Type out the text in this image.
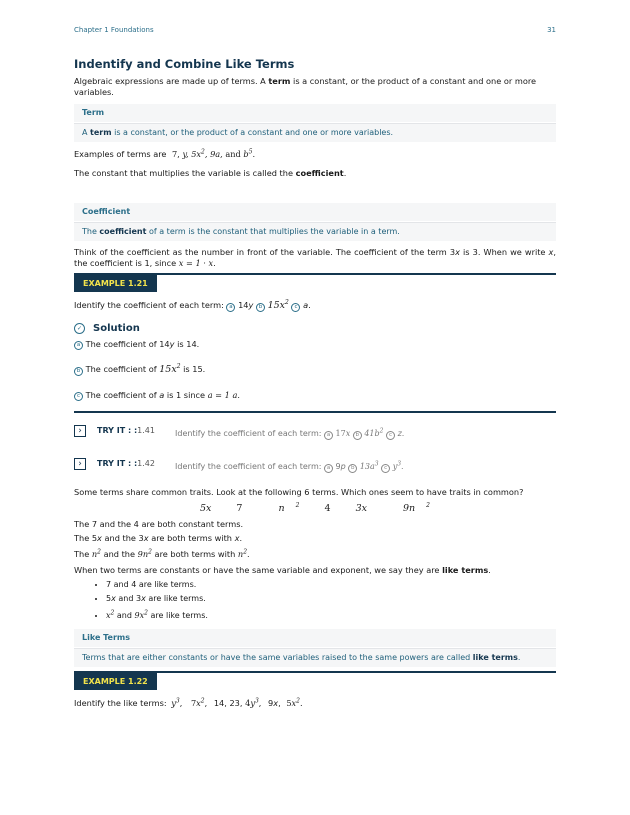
Chapter 1 Foundations	31
Indentify and Combine Like Terms

Algebraic expressions are made up of terms. A term is a constant, or the product of a constant and one or more variables.

Term
A term is a constant, or the product of a constant and one or more variables.

Examples of terms are 7, y, $5x^2$, 9a, and $b^5$.

The constant that multiplies the variable is called the coefficient.

Coefficient
The coefficient of a term is the constant that multiplies the variable in a term.

Think of the coefficient as the number in front of the variable. The coefficient of the term 3x is 3. When we write x, the coefficient is 1, since x = 1 · x.

EXAMPLE 1.21

Identify the coefficient of each term: a 14y b $15x^2$ c a.

✓ Solution

a The coefficient of 14y is 14.

b The coefficient of $15x^2$ is 15.

c The coefficient of a is 1 since a = 1 a.

›	TRY IT : :1.41	Identify the coefficient of each term: a 17x b $41b^2$ c z.
›	TRY IT : :1.42	Identify the coefficient of each term: a 9p b $13a^3$ c $y^3$.

Some terms share common traits. Look at the following 6 terms. Which ones seem to have traits in common?

5x	7	n $^2$	4	3x	9n $^2$

The 7 and the 4 are both constant terms.

The 5x and the 3x are both terms with x.

The $n^2$ and the $9n^2$ are both terms with $n^2$.

When two terms are constants or have the same variable and exponent, we say they are like terms.

• 7 and 4 are like terms.
• 5x and 3x are like terms.
• $x^2$ and $9x^2$ are like terms.
Like Terms
Terms that are either constants or have the same variables raised to the same powers are called like terms.
EXAMPLE 1.22

Identify the like terms: $y^3$, $7x^2$, 14, 23, $4y^3$, 9x, $5x^2$.
